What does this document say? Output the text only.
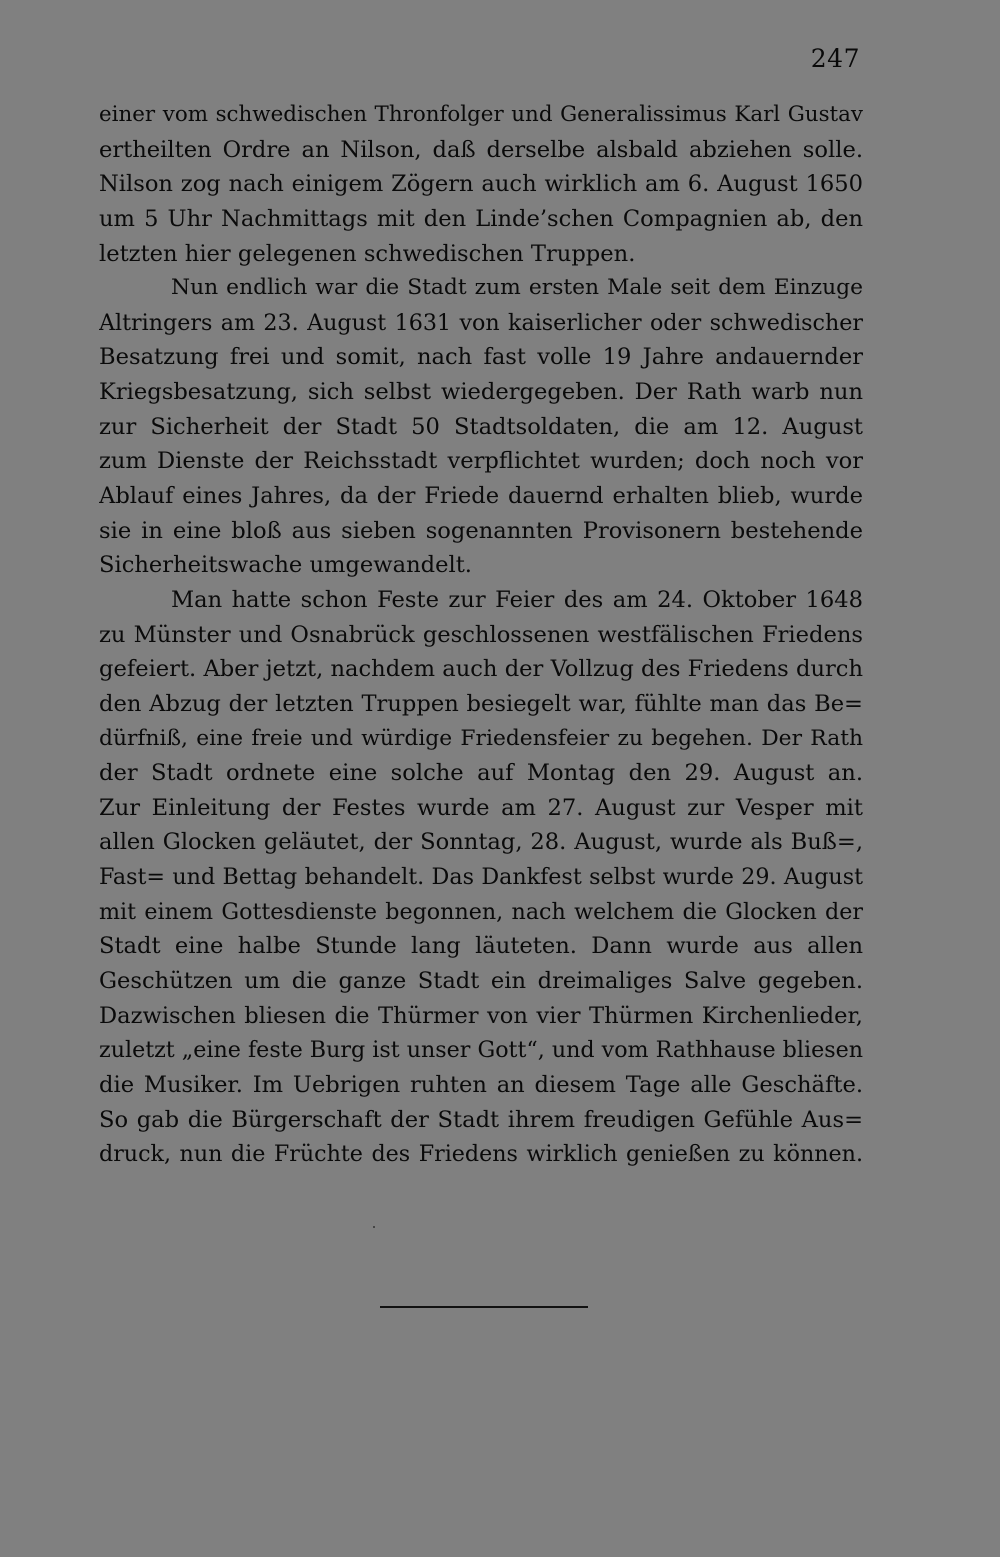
247
einer vom schwedischen Thronfolger und Generalissimus Karl Gustav
ertheilten Ordre an Nilson, daß derselbe alsbald abziehen solle.
Nilson zog nach einigem Zögern auch wirklich am 6. August 1650
um 5 Uhr Nachmittags mit den Linde’schen Compagnien ab, den
letzten hier gelegenen schwedischen Truppen.
Nun endlich war die Stadt zum ersten Male seit dem Einzuge
Altringers am 23. August 1631 von kaiserlicher oder schwedischer
Besatzung frei und somit, nach fast volle 19 Jahre andauernder
Kriegsbesatzung, sich selbst wiedergegeben. Der Rath warb nun
zur Sicherheit der Stadt 50 Stadtsoldaten, die am 12. August
zum Dienste der Reichsstadt verpflichtet wurden; doch noch vor
Ablauf eines Jahres, da der Friede dauernd erhalten blieb, wurde
sie in eine bloß aus sieben sogenannten Provisonern bestehende
Sicherheitswache umgewandelt.
Man hatte schon Feste zur Feier des am 24. Oktober 1648
zu Münster und Osnabrück geschlossenen westfälischen Friedens
gefeiert. Aber jetzt, nachdem auch der Vollzug des Friedens durch
den Abzug der letzten Truppen besiegelt war, fühlte man das Be=
dürfniß, eine freie und würdige Friedensfeier zu begehen. Der Rath
der Stadt ordnete eine solche auf Montag den 29. August an.
Zur Einleitung der Festes wurde am 27. August zur Vesper mit
allen Glocken geläutet, der Sonntag, 28. August, wurde als Buß=,
Fast= und Bettag behandelt. Das Dankfest selbst wurde 29. August
mit einem Gottesdienste begonnen, nach welchem die Glocken der
Stadt eine halbe Stunde lang läuteten. Dann wurde aus allen
Geschützen um die ganze Stadt ein dreimaliges Salve gegeben.
Dazwischen bliesen die Thürmer von vier Thürmen Kirchenlieder,
zuletzt „eine feste Burg ist unser Gott“, und vom Rathhause bliesen
die Musiker. Im Uebrigen ruhten an diesem Tage alle Geschäfte.
So gab die Bürgerschaft der Stadt ihrem freudigen Gefühle Aus=
druck, nun die Früchte des Friedens wirklich genießen zu können.
